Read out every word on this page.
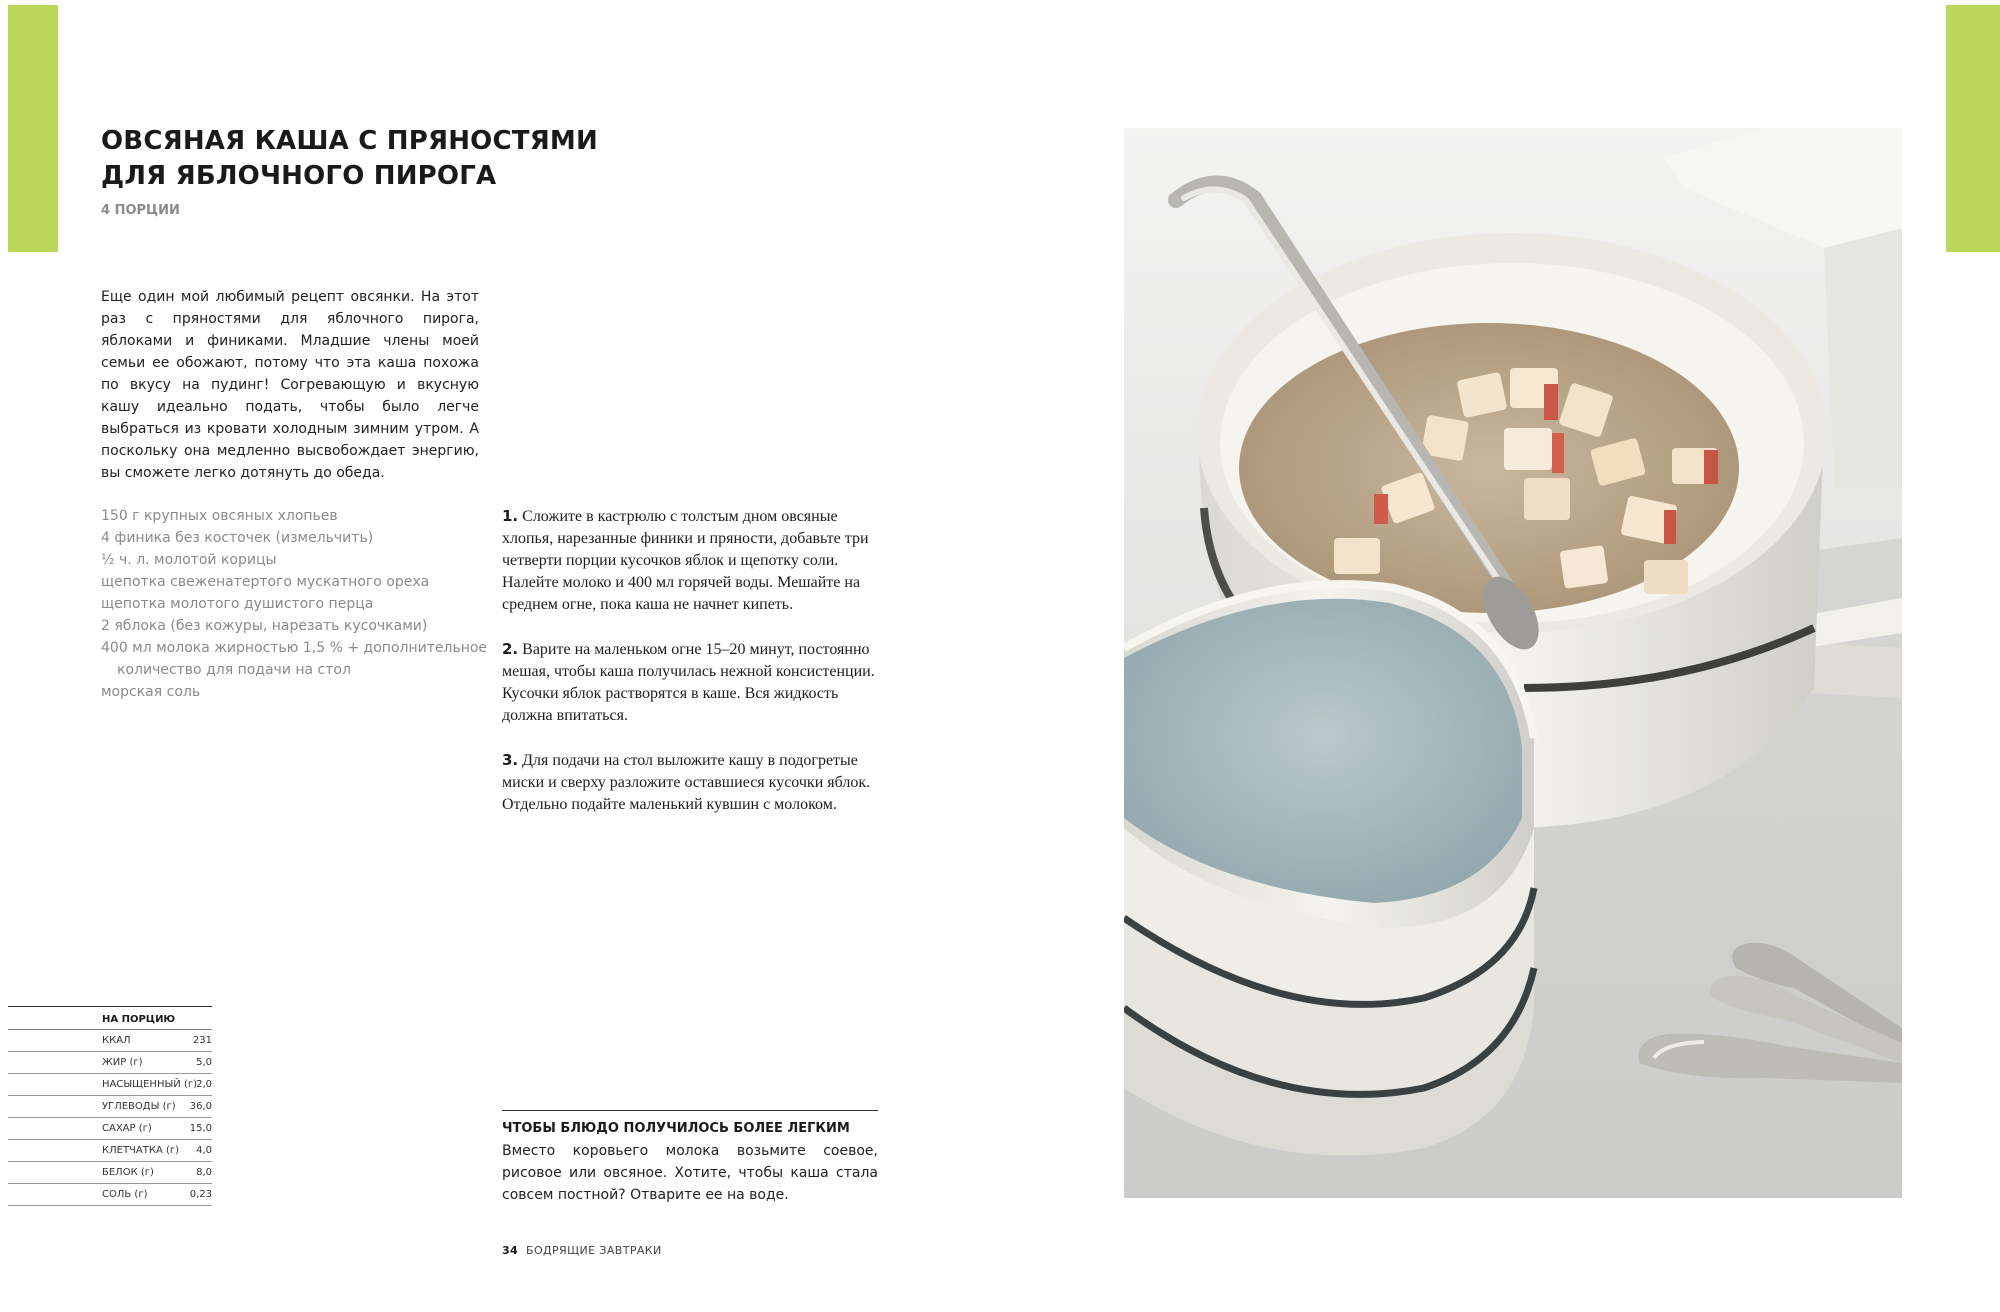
ОВСЯНАЯ КАША С ПРЯНОСТЯМИ
ДЛЯ ЯБЛОЧНОГО ПИРОГА
4 ПОРЦИИ

Еще один мой любимый рецепт овсянки. На этот раз с пряностями для яблочного пирога, яблоками и финиками. Младшие члены моей семьи ее обожают, потому что эта каша похожа по вкусу на пудинг! Согревающую и вкусную кашу идеально подать, чтобы было легче выбраться из кровати холодным зимним утром. А поскольку она медленно высвобождает энергию, вы сможете легко дотянуть до обеда.

150 г крупных овсяных хлопьев
4 финика без косточек (измельчить)
½ ч. л. молотой корицы
щепотка свеженатертого мускатного ореха
щепотка молотого душистого перца
2 яблока (без кожуры, нарезать кусочками)
400 мл молока жирностью 1,5 % + дополнительное количество для подачи на стол
морская соль

1. Сложите в кастрюлю с толстым дном овсяные хлопья, нарезанные финики и пряности, добавьте три четверти порции кусочков яблок и щепотку соли. Налейте молоко и 400 мл горячей воды. Мешайте на среднем огне, пока каша не начнет кипеть.

2. Варите на маленьком огне 15–20 минут, постоянно мешая, чтобы каша получилась нежной консистенции. Кусочки яблок растворятся в каше. Вся жидкость должна впитаться.

3. Для подачи на стол выложите кашу в подогретые миски и сверху разложите оставшиеся кусочки яблок. Отдельно подайте маленький кувшин с молоком.

НА ПОРЦИЮ
ККАЛ	231
ЖИР (г)	5,0
НАСЫЩЕННЫЙ (г) 2,0
УГЛЕВОДЫ (г) 36,0
САХАР (г)	15,0
КЛЕТЧАТКА (г) 4,0
БЕЛОК (г)	8,0
СОЛЬ (г)	0,23
ЧТОБЫ БЛЮДО ПОЛУЧИЛОСЬ БОЛЕЕ ЛЕГКИМ

Вместо коровьего молока возьмите соевое, рисовое или овсяное. Хотите, чтобы каша стала совсем постной? Отварите ее на воде.

34 БОДРЯЩИЕ ЗАВТРАКИ
